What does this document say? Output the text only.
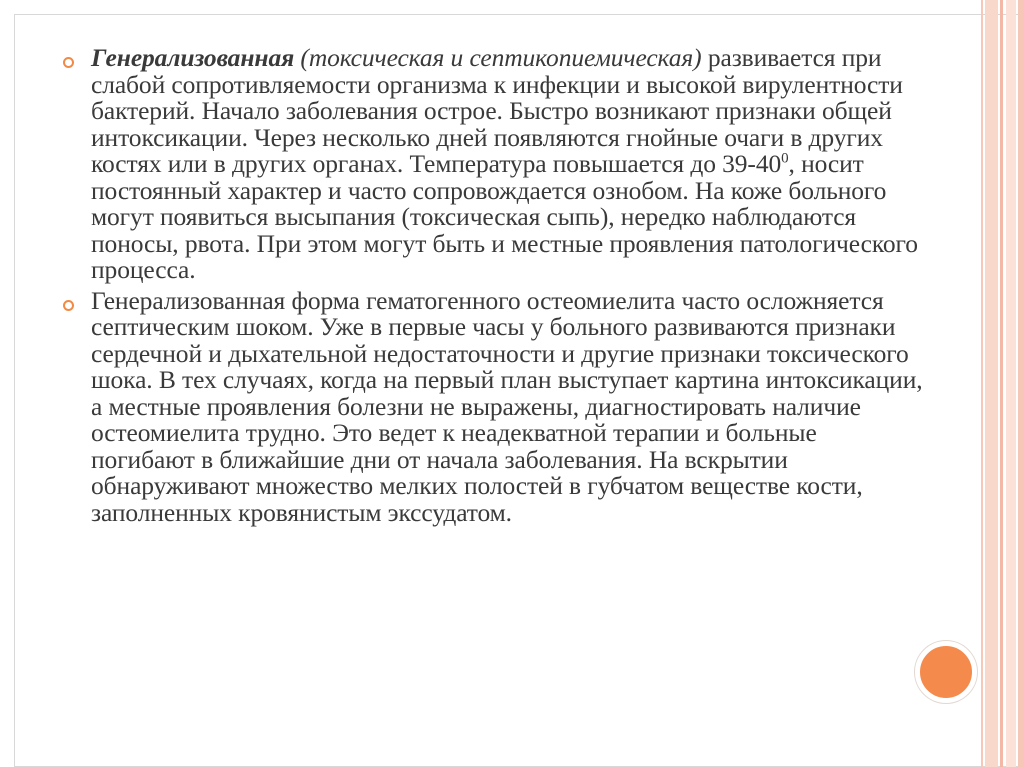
Генерализованная (токсическая и септикопиемическая) развивается при слабой сопротивляемости организма к инфекции и высокой вирулентности бактерий. Начало заболевания острое. Быстро возникают признаки общей интоксикации. Через несколько дней появляются гнойные очаги в других костях или в других органах. Температура повышается до $39-40^0$, носит постоянный характер и часто сопровождается ознобом. На коже больного могут появиться высыпания (токсическая сыпь), нередко наблюдаются поносы, рвота. При этом могут быть и местные проявления патологического процесса.

Генерализованная форма гематогенного остеомиелита часто осложняется септическим шоком. Уже в первые часы у больного развиваются признаки сердечной и дыхательной недостаточности и другие признаки токсического шока. В тех случаях, когда на первый план выступает картина интоксикации, а местные проявления болезни не выражены, диагностировать наличие остеомиелита трудно. Это ведет к неадекватной терапии и больные погибают в ближайшие дни от начала заболевания. На вскрытии обнаруживают множество мелких полостей в губчатом веществе кости, заполненных кровянистым экссудатом.
